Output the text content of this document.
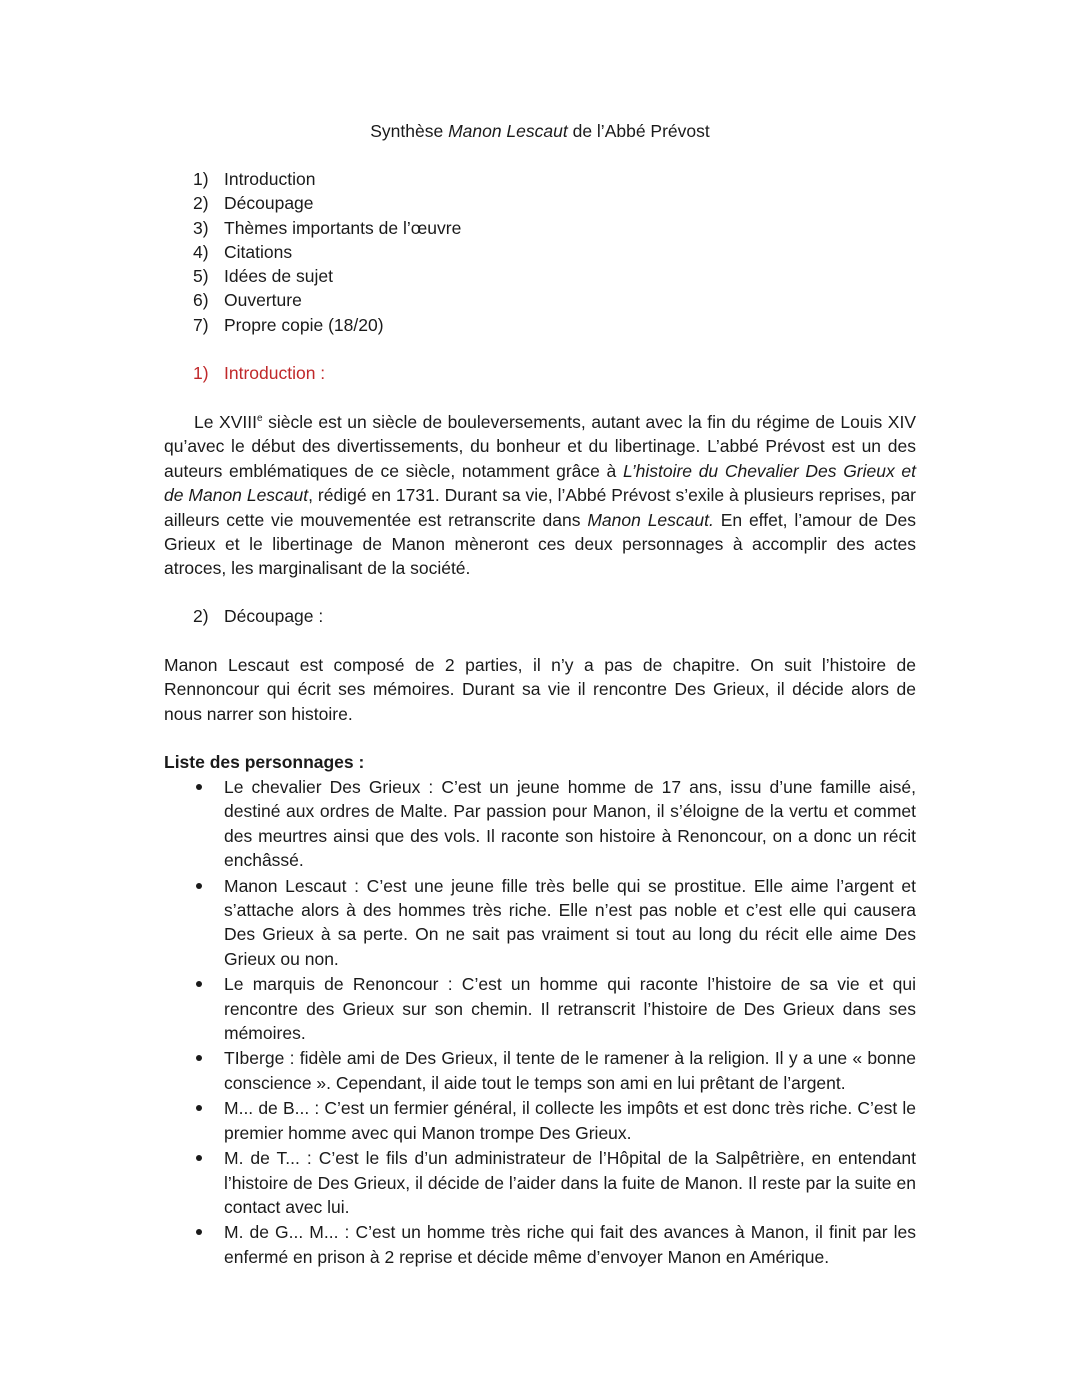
Synthèse Manon Lescaut de l’Abbé Prévost
1) Introduction
2) Découpage
3) Thèmes importants de l’œuvre
4) Citations
5) Idées de sujet
6) Ouverture
7) Propre copie (18/20)
1) Introduction :

Le XVIIIe siècle est un siècle de bouleversements, autant avec la fin du régime de Louis XIV qu’avec le début des divertissements, du bonheur et du libertinage. L’abbé Prévost est un des auteurs emblématiques de ce siècle, notamment grâce à L’histoire du Chevalier Des Grieux et de Manon Lescaut, rédigé en 1731. Durant sa vie, l’Abbé Prévost s’exile à plusieurs reprises, par ailleurs cette vie mouvementée est retranscrite dans Manon Lescaut. En effet, l’amour de Des Grieux et le libertinage de Manon mèneront ces deux personnages à accomplir des actes atroces, les marginalisant de la société.

2) Découpage :

Manon Lescaut est composé de 2 parties, il n’y a pas de chapitre. On suit l’histoire de Rennoncour qui écrit ses mémoires. Durant sa vie il rencontre Des Grieux, il décide alors de nous narrer son histoire.

Liste des personnages :
Le chevalier Des Grieux : C’est un jeune homme de 17 ans, issu d’une famille aisé, destiné aux ordres de Malte. Par passion pour Manon, il s’éloigne de la vertu et commet des meurtres ainsi que des vols. Il raconte son histoire à Renoncour, on a donc un récit enchâssé.
Manon Lescaut : C’est une jeune fille très belle qui se prostitue. Elle aime l’argent et s’attache alors à des hommes très riche. Elle n’est pas noble et c’est elle qui causera Des Grieux à sa perte. On ne sait pas vraiment si tout au long du récit elle aime Des Grieux ou non.
Le marquis de Renoncour : C’est un homme qui raconte l’histoire de sa vie et qui rencontre des Grieux sur son chemin. Il retranscrit l’histoire de Des Grieux dans ses mémoires.
TIberge : fidèle ami de Des Grieux, il tente de le ramener à la religion. Il y a une « bonne conscience ». Cependant, il aide tout le temps son ami en lui prêtant de l’argent.
M... de B... : C’est un fermier général, il collecte les impôts et est donc très riche. C’est le premier homme avec qui Manon trompe Des Grieux.
M. de T... : C’est le fils d’un administrateur de l’Hôpital de la Salpêtrière, en entendant l’histoire de Des Grieux, il décide de l’aider dans la fuite de Manon. Il reste par la suite en contact avec lui.
M. de G... M... : C’est un homme très riche qui fait des avances à Manon, il finit par les enfermé en prison à 2 reprise et décide même d’envoyer Manon en Amérique.
